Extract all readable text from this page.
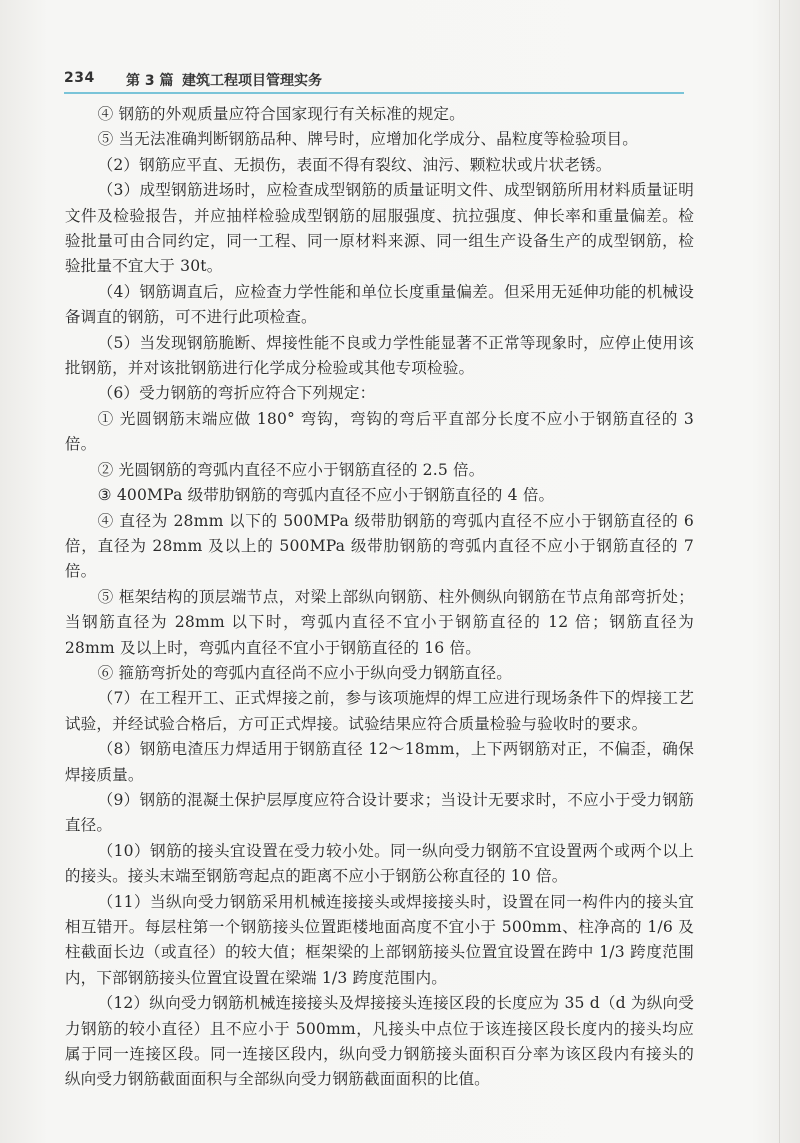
234 第 3 篇 建筑工程项目管理实务

④ 钢筋的外观质量应符合国家现行有关标准的规定。

⑤ 当无法准确判断钢筋品种、牌号时，应增加化学成分、晶粒度等检验项目。

（2）钢筋应平直、无损伤，表面不得有裂纹、油污、颗粒状或片状老锈。

（3）成型钢筋进场时，应检查成型钢筋的质量证明文件、成型钢筋所用材料质量证明文件及检验报告，并应抽样检验成型钢筋的屈服强度、抗拉强度、伸长率和重量偏差。检验批量可由合同约定，同一工程、同一原材料来源、同一组生产设备生产的成型钢筋，检验批量不宜大于 30t。

（4）钢筋调直后，应检查力学性能和单位长度重量偏差。但采用无延伸功能的机械设备调直的钢筋，可不进行此项检查。

（5）当发现钢筋脆断、焊接性能不良或力学性能显著不正常等现象时，应停止使用该批钢筋，并对该批钢筋进行化学成分检验或其他专项检验。

（6）受力钢筋的弯折应符合下列规定：

① 光圆钢筋末端应做 180° 弯钩，弯钩的弯后平直部分长度不应小于钢筋直径的 3 倍。

② 光圆钢筋的弯弧内直径不应小于钢筋直径的 2.5 倍。

③ 400MPa 级带肋钢筋的弯弧内直径不应小于钢筋直径的 4 倍。

④ 直径为 28mm 以下的 500MPa 级带肋钢筋的弯弧内直径不应小于钢筋直径的 6 倍，直径为 28mm 及以上的 500MPa 级带肋钢筋的弯弧内直径不应小于钢筋直径的 7 倍。

⑤ 框架结构的顶层端节点，对梁上部纵向钢筋、柱外侧纵向钢筋在节点角部弯折处；当钢筋直径为 28mm 以下时，弯弧内直径不宜小于钢筋直径的 12 倍；钢筋直径为 28mm 及以上时，弯弧内直径不宜小于钢筋直径的 16 倍。

⑥ 箍筋弯折处的弯弧内直径尚不应小于纵向受力钢筋直径。

（7）在工程开工、正式焊接之前，参与该项施焊的焊工应进行现场条件下的焊接工艺试验，并经试验合格后，方可正式焊接。试验结果应符合质量检验与验收时的要求。

（8）钢筋电渣压力焊适用于钢筋直径 12～18mm，上下两钢筋对正，不偏歪，确保焊接质量。

（9）钢筋的混凝土保护层厚度应符合设计要求；当设计无要求时，不应小于受力钢筋直径。

（10）钢筋的接头宜设置在受力较小处。同一纵向受力钢筋不宜设置两个或两个以上的接头。接头末端至钢筋弯起点的距离不应小于钢筋公称直径的 10 倍。

（11）当纵向受力钢筋采用机械连接接头或焊接接头时，设置在同一构件内的接头宜相互错开。每层柱第一个钢筋接头位置距楼地面高度不宜小于 500mm、柱净高的 1/6 及柱截面长边（或直径）的较大值；框架梁的上部钢筋接头位置宜设置在跨中 1/3 跨度范围内，下部钢筋接头位置宜设置在梁端 1/3 跨度范围内。

（12）纵向受力钢筋机械连接接头及焊接接头连接区段的长度应为 35 d（d 为纵向受力钢筋的较小直径）且不应小于 500mm，凡接头中点位于该连接区段长度内的接头均应属于同一连接区段。同一连接区段内，纵向受力钢筋接头面积百分率为该区段内有接头的纵向受力钢筋截面面积与全部纵向受力钢筋截面面积的比值。
